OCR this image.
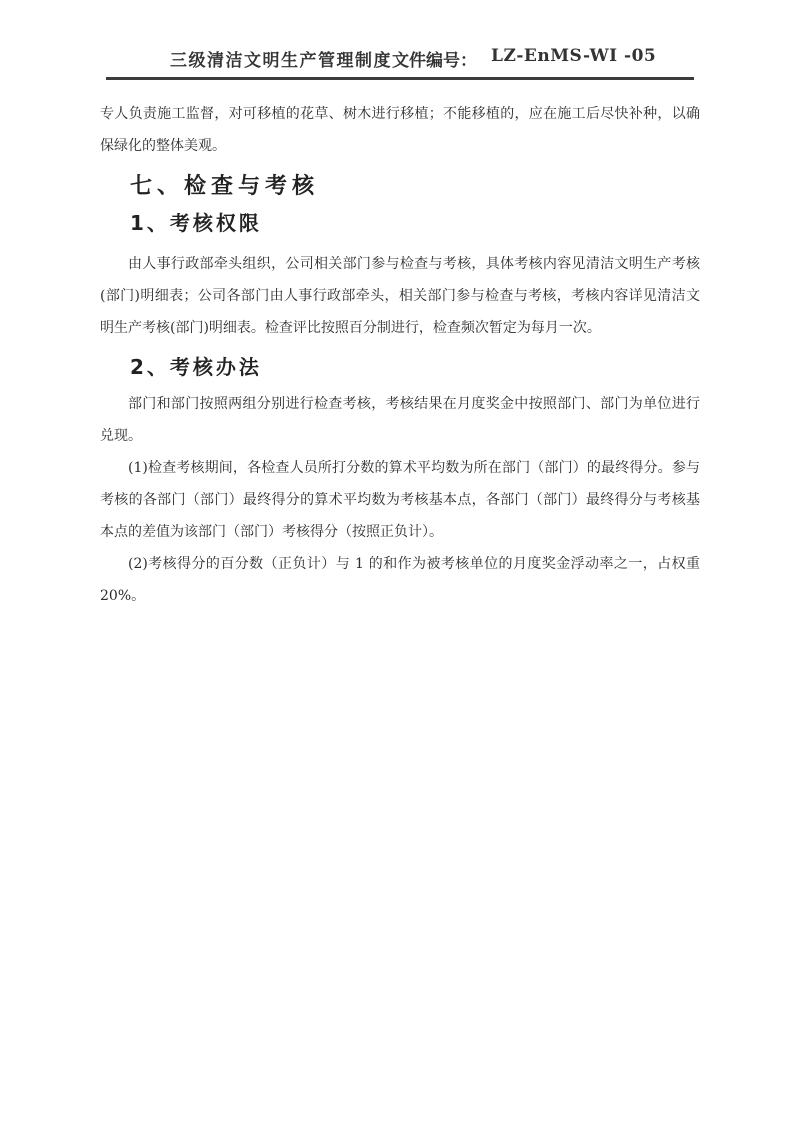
三级清洁文明生产管理制度 文件编号： LZ-EnMS-WI -05
专人负责施工监督，对可移植的花草、树木进行移植；不能移植的，应在施工后尽快补种，以确
保绿化的整体美观。
七、检查与考核
1、考核权限
由人事行政部牵头组织，公司相关部门参与检查与考核，具体考核内容见清洁文明生产考核
(部门)明细表；公司各部门由人事行政部牵头，相关部门参与检查与考核，考核内容详见清洁文
明生产考核(部门)明细表。检查评比按照百分制进行，检查频次暂定为每月一次。
2、考核办法
部门和部门按照两组分别进行检查考核，考核结果在月度奖金中按照部门、部门为单位进行
兑现。
(1)检查考核期间，各检查人员所打分数的算术平均数为所在部门（部门）的最终得分。参与
考核的各部门（部门）最终得分的算术平均数为考核基本点，各部门（部门）最终得分与考核基
本点的差值为该部门（部门）考核得分（按照正负计）。
(2)考核得分的百分数（正负计）与 1 的和作为被考核单位的月度奖金浮动率之一，占权重
20%。
